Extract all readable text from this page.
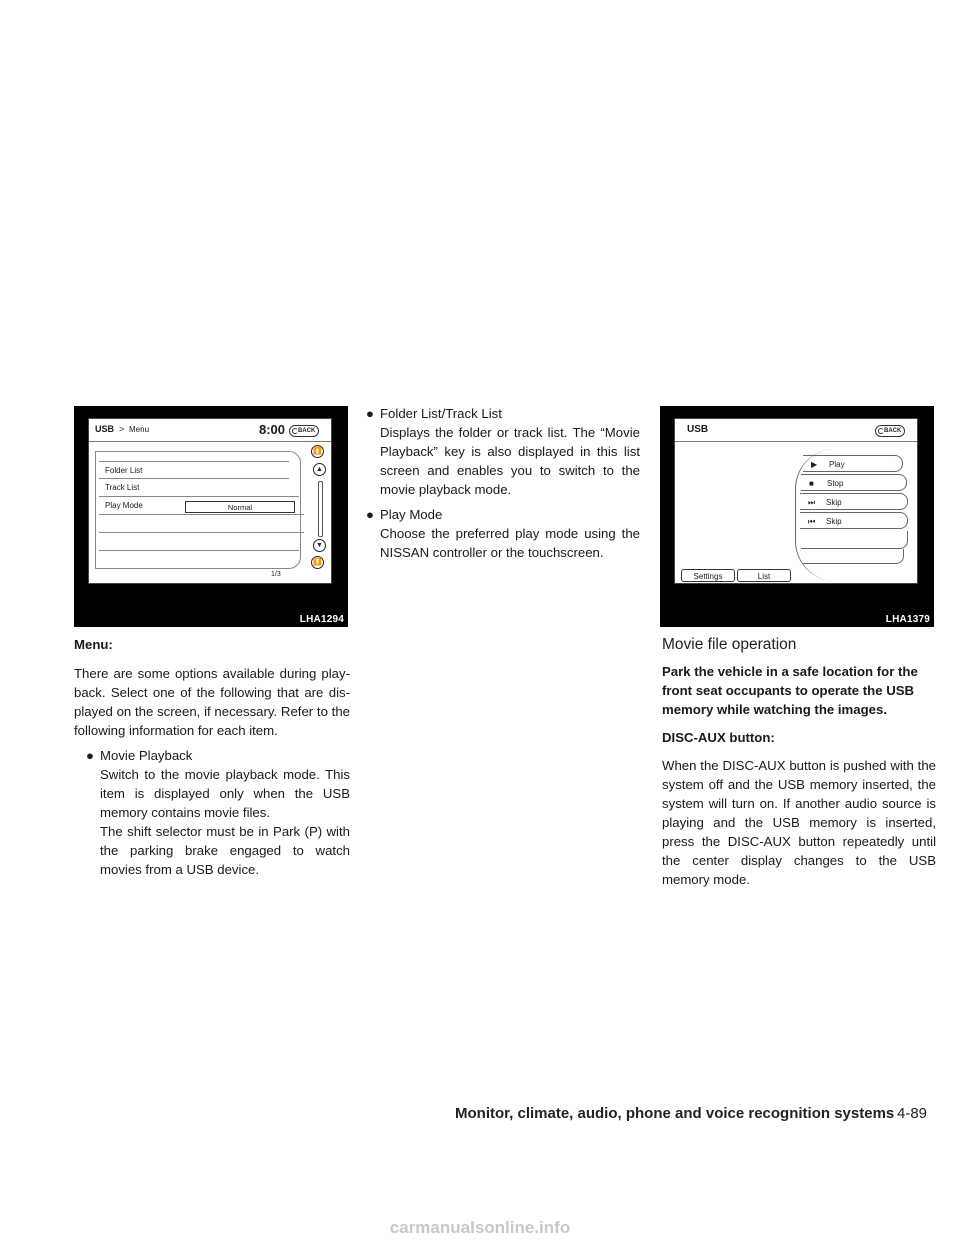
USB > Menu	8:00	BACK
Folder List
Track List
Play Mode	Normal
⏫
▲
▼
⏬
1/3
LHA1294
USB	BACK
▶ Play
■ Stop
⏭ Skip
⏮ Skip
Settings	List
LHA1379

Menu:

There are some options available during play-back. Select one of the following that are dis-played on the screen, if necessary. Refer to the following information for each item.

● Movie Playback

Switch to the movie playback mode. This item is displayed only when the USB memory contains movie files.

The shift selector must be in Park (P) with the parking brake engaged to watch movies from a USB device.

● Folder List/Track List

Displays the folder or track list. The “Movie Playback” key is also displayed in this list screen and enables you to switch to the movie playback mode.

● Play Mode

Choose the preferred play mode using the NISSAN controller or the touchscreen.

Movie file operation

Park the vehicle in a safe location for the front seat occupants to operate the USB memory while watching the images.

DISC-AUX button:

When the DISC-AUX button is pushed with the system off and the USB memory inserted, the system will turn on. If another audio source is playing and the USB memory is inserted, press the DISC-AUX button repeatedly until the center display changes to the USB memory mode.

Monitor, climate, audio, phone and voice recognition systems 4-89
carmanualsonline.info
